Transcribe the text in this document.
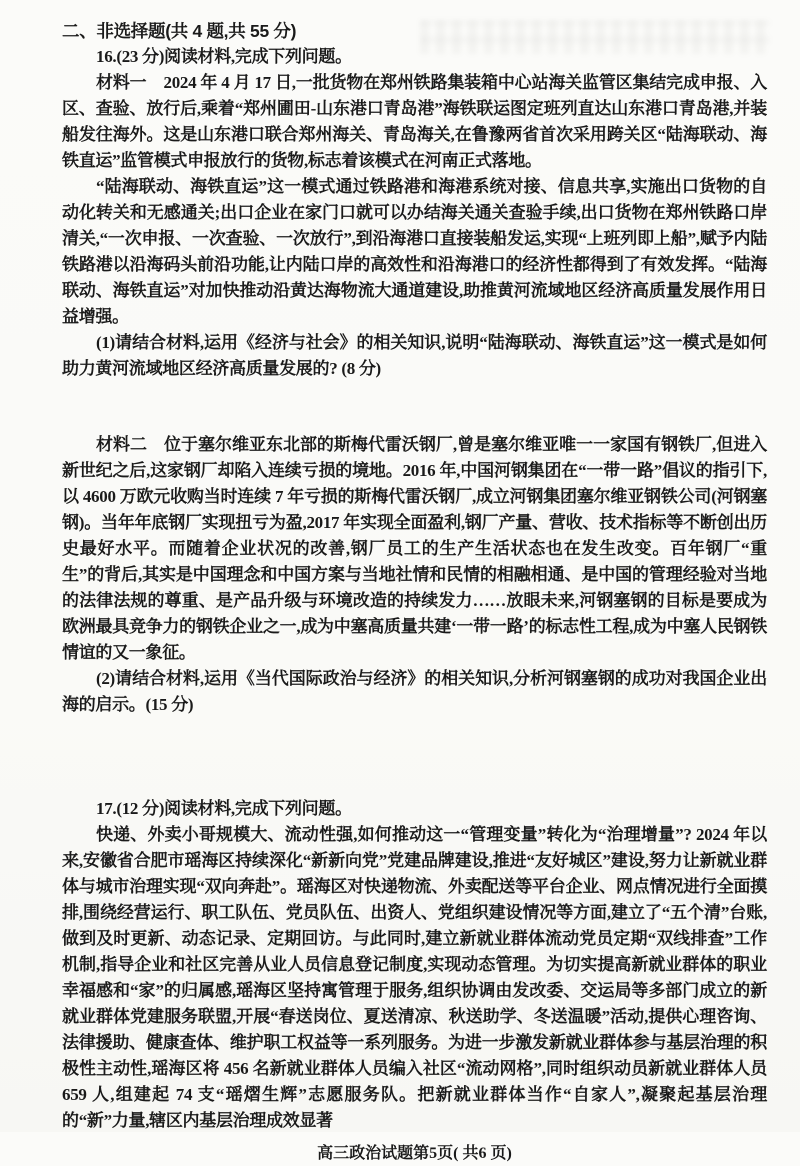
二、非选择题(共 4 题,共 55 分)

16.(23 分)阅读材料,完成下列问题。

材料一 2024 年 4 月 17 日,一批货物在郑州铁路集装箱中心站海关监管区集结完成申报、入区、查验、放行后,乘着“郑州圃田-山东港口青岛港”海铁联运图定班列直达山东港口青岛港,并装船发往海外。这是山东港口联合郑州海关、青岛海关,在鲁豫两省首次采用跨关区“陆海联动、海铁直运”监管模式申报放行的货物,标志着该模式在河南正式落地。

“陆海联动、海铁直运”这一模式通过铁路港和海港系统对接、信息共享,实施出口货物的自动化转关和无感通关;出口企业在家门口就可以办结海关通关查验手续,出口货物在郑州铁路口岸清关,“一次申报、一次查验、一次放行”,到沿海港口直接装船发运,实现“上班列即上船”,赋予内陆铁路港以沿海码头前沿功能,让内陆口岸的高效性和沿海港口的经济性都得到了有效发挥。“陆海联动、海铁直运”对加快推动沿黄达海物流大通道建设,助推黄河流域地区经济高质量发展作用日益增强。

(1)请结合材料,运用《经济与社会》的相关知识,说明“陆海联动、海铁直运”这一模式是如何助力黄河流域地区经济高质量发展的? (8 分)

材料二 位于塞尔维亚东北部的斯梅代雷沃钢厂,曾是塞尔维亚唯一一家国有钢铁厂,但进入新世纪之后,这家钢厂却陷入连续亏损的境地。2016 年,中国河钢集团在“一带一路”倡议的指引下,以 4600 万欧元收购当时连续 7 年亏损的斯梅代雷沃钢厂,成立河钢集团塞尔维亚钢铁公司(河钢塞钢)。当年年底钢厂实现扭亏为盈,2017 年实现全面盈利,钢厂产量、营收、技术指标等不断创出历史最好水平。而随着企业状况的改善,钢厂员工的生产生活状态也在发生改变。百年钢厂“重生”的背后,其实是中国理念和中国方案与当地社情和民情的相融相通、是中国的管理经验对当地的法律法规的尊重、是产品升级与环境改造的持续发力……放眼未来,河钢塞钢的目标是要成为欧洲最具竞争力的钢铁企业之一,成为中塞高质量共建‘一带一路’的标志性工程,成为中塞人民钢铁情谊的又一象征。

(2)请结合材料,运用《当代国际政治与经济》的相关知识,分析河钢塞钢的成功对我国企业出海的启示。(15 分)

17.(12 分)阅读材料,完成下列问题。

快递、外卖小哥规模大、流动性强,如何推动这一“管理变量”转化为“治理增量”? 2024 年以来,安徽省合肥市瑶海区持续深化“新新向党”党建品牌建设,推进“友好城区”建设,努力让新就业群体与城市治理实现“双向奔赴”。瑶海区对快递物流、外卖配送等平台企业、网点情况进行全面摸排,围绕经营运行、职工队伍、党员队伍、出资人、党组织建设情况等方面,建立了“五个清”台账,做到及时更新、动态记录、定期回访。与此同时,建立新就业群体流动党员定期“双线排查”工作机制,指导企业和社区完善从业人员信息登记制度,实现动态管理。为切实提高新就业群体的职业幸福感和“家”的归属感,瑶海区坚持寓管理于服务,组织协调由发改委、交运局等多部门成立的新就业群体党建服务联盟,开展“春送岗位、夏送清凉、秋送助学、冬送温暖”活动,提供心理咨询、法律援助、健康查体、维护职工权益等一系列服务。为进一步激发新就业群体参与基层治理的积极性主动性,瑶海区将 456 名新就业群体人员编入社区“流动网格”,同时组织动员新就业群体人员 659 人,组建起 74 支“瑶熠生辉”志愿服务队。把新就业群体当作“自家人”,凝聚起基层治理的“新”力量,辖区内基层治理成效显著

高三政治试题第5页( 共6 页)
